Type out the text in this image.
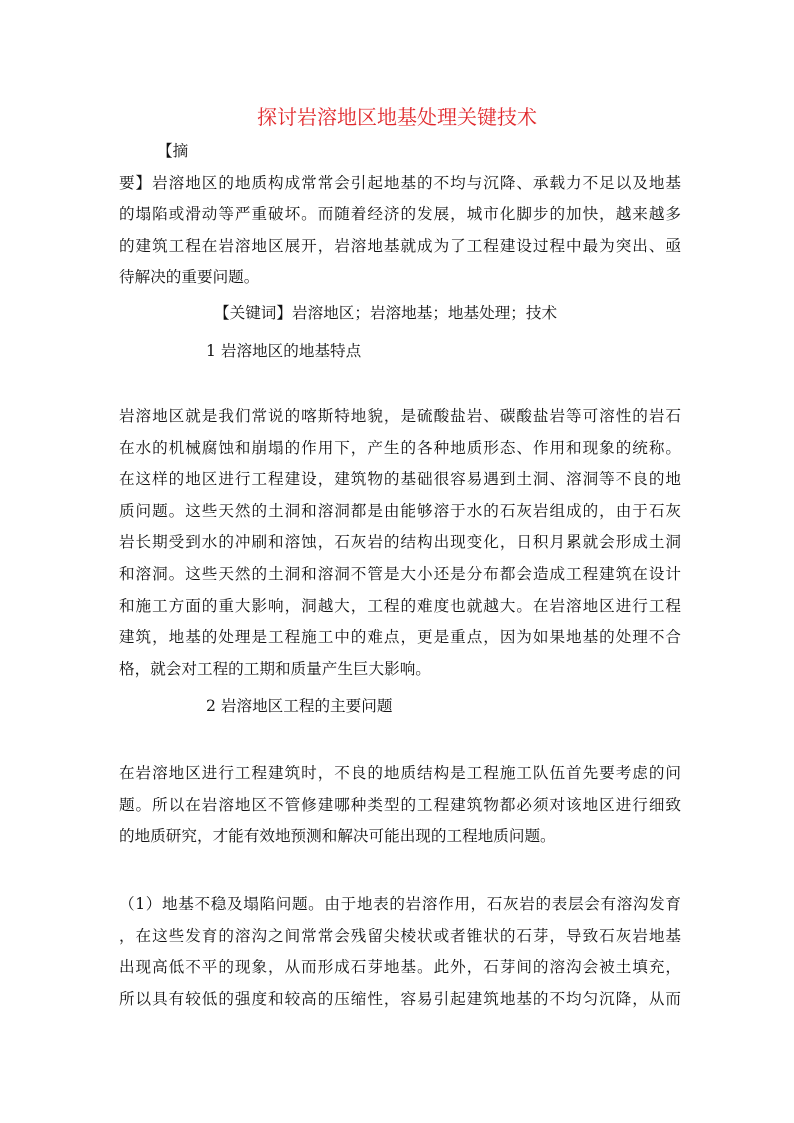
探讨岩溶地区地基处理关键技术
【摘
要】岩溶地区的地质构成常常会引起地基的不均与沉降、承载力不足以及地基
的塌陷或滑动等严重破坏。而随着经济的发展，城市化脚步的加快，越来越多
的建筑工程在岩溶地区展开，岩溶地基就成为了工程建设过程中最为突出、亟
待解决的重要问题。
【关键词】岩溶地区；岩溶地基；地基处理；技术
1 岩溶地区的地基特点
岩溶地区就是我们常说的喀斯特地貌，是硫酸盐岩、碳酸盐岩等可溶性的岩石
在水的机械腐蚀和崩塌的作用下，产生的各种地质形态、作用和现象的统称。
在这样的地区进行工程建设，建筑物的基础很容易遇到土洞、溶洞等不良的地
质问题。这些天然的土洞和溶洞都是由能够溶于水的石灰岩组成的，由于石灰
岩长期受到水的冲刷和溶蚀，石灰岩的结构出现变化，日积月累就会形成土洞
和溶洞。这些天然的土洞和溶洞不管是大小还是分布都会造成工程建筑在设计
和施工方面的重大影响，洞越大，工程的难度也就越大。在岩溶地区进行工程
建筑，地基的处理是工程施工中的难点，更是重点，因为如果地基的处理不合
格，就会对工程的工期和质量产生巨大影响。
2 岩溶地区工程的主要问题
在岩溶地区进行工程建筑时，不良的地质结构是工程施工队伍首先要考虑的问
题。所以在岩溶地区不管修建哪种类型的工程建筑物都必须对该地区进行细致
的地质研究，才能有效地预测和解决可能出现的工程地质问题。
（1）地基不稳及塌陷问题。由于地表的岩溶作用，石灰岩的表层会有溶沟发育
，在这些发育的溶沟之间常常会残留尖棱状或者锥状的石芽，导致石灰岩地基
出现高低不平的现象，从而形成石芽地基。此外，石芽间的溶沟会被土填充，
所以具有较低的强度和较高的压缩性，容易引起建筑地基的不均匀沉降，从而
